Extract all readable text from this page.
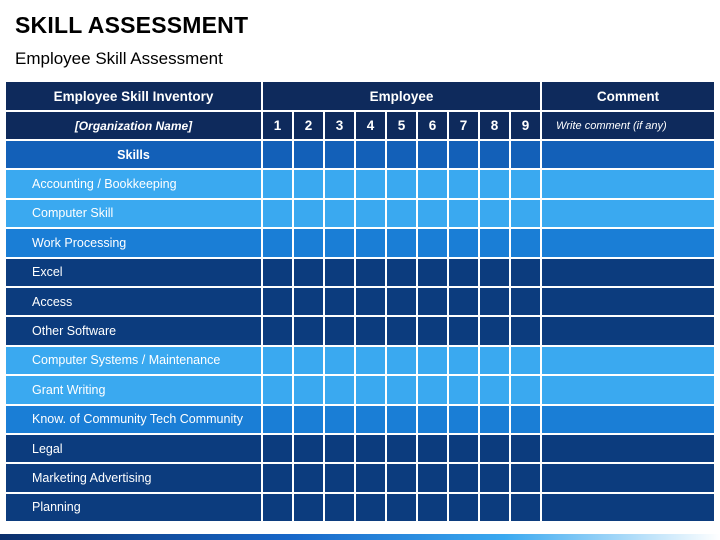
SKILL ASSESSMENT

Employee Skill Assessment

Employee Skill Inventory	Employee	Comment
[Organization Name]	1	2	3	4	5	6	7	8	9	Write comment (if any)
Skills
Accounting / Bookkeeping
Computer Skill
Work Processing
Excel
Access
Other Software
Computer Systems / Maintenance
Grant Writing
Know. of Community Tech Community
Legal
Marketing Advertising
Planning
